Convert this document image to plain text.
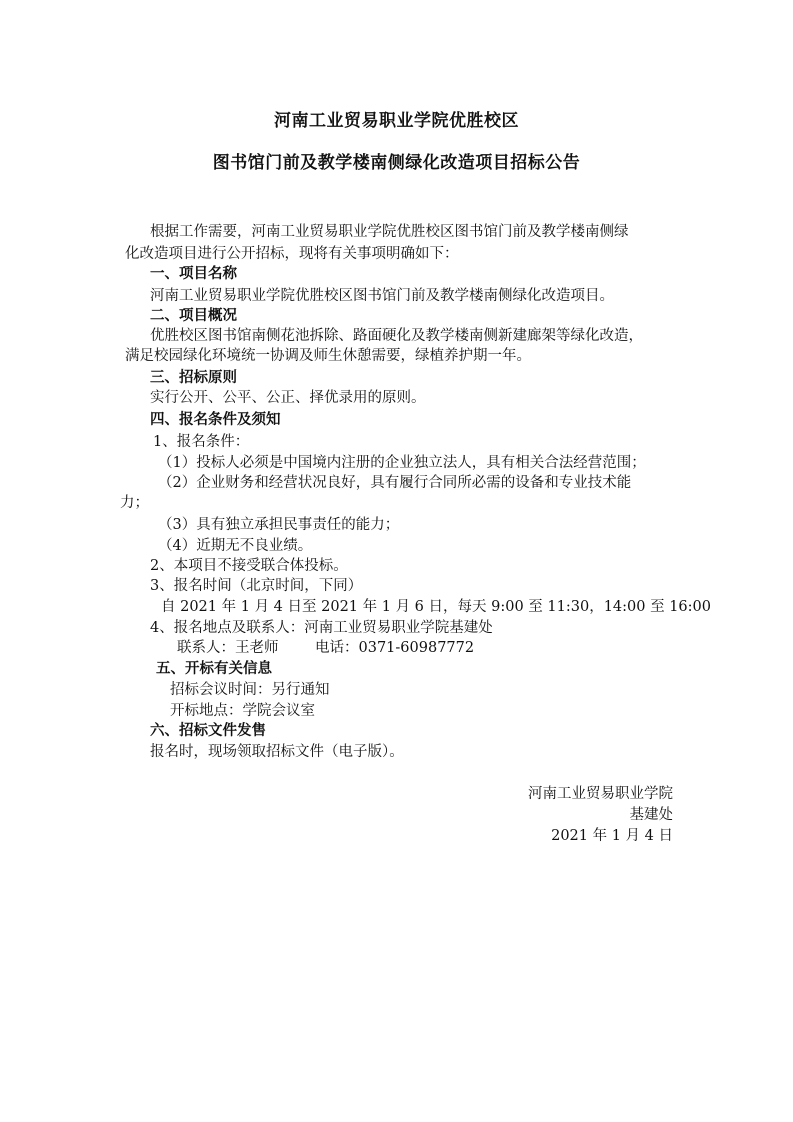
河南工业贸易职业学院优胜校区
图书馆门前及教学楼南侧绿化改造项目招标公告
根据工作需要，河南工业贸易职业学院优胜校区图书馆门前及教学楼南侧绿
化改造项目进行公开招标，现将有关事项明确如下：
一、项目名称
河南工业贸易职业学院优胜校区图书馆门前及教学楼南侧绿化改造项目。
二、项目概况
优胜校区图书馆南侧花池拆除、路面硬化及教学楼南侧新建廊架等绿化改造，
满足校园绿化环境统一协调及师生休憩需要，绿植养护期一年。
三、招标原则
实行公开、公平、公正、择优录用的原则。
四、报名条件及须知
1、报名条件：
（1）投标人必须是中国境内注册的企业独立法人，具有相关合法经营范围；
（2）企业财务和经营状况良好，具有履行合同所必需的设备和专业技术能
力；
（3）具有独立承担民事责任的能力；
（4）近期无不良业绩。
2、本项目不接受联合体投标。
3、报名时间（北京时间，下同）
自 2021 年 1 月 4 日至 2021 年 1 月 6 日，每天 9:00 至 11:30，14:00 至 16:00
4、报名地点及联系人：河南工业贸易职业学院基建处
联系人：王老师	电话：0371-60987772
五、开标有关信息
招标会议时间：另行通知
开标地点：学院会议室
六、招标文件发售
报名时，现场领取招标文件（电子版）。
河南工业贸易职业学院
基建处
2021 年 1 月 4 日
